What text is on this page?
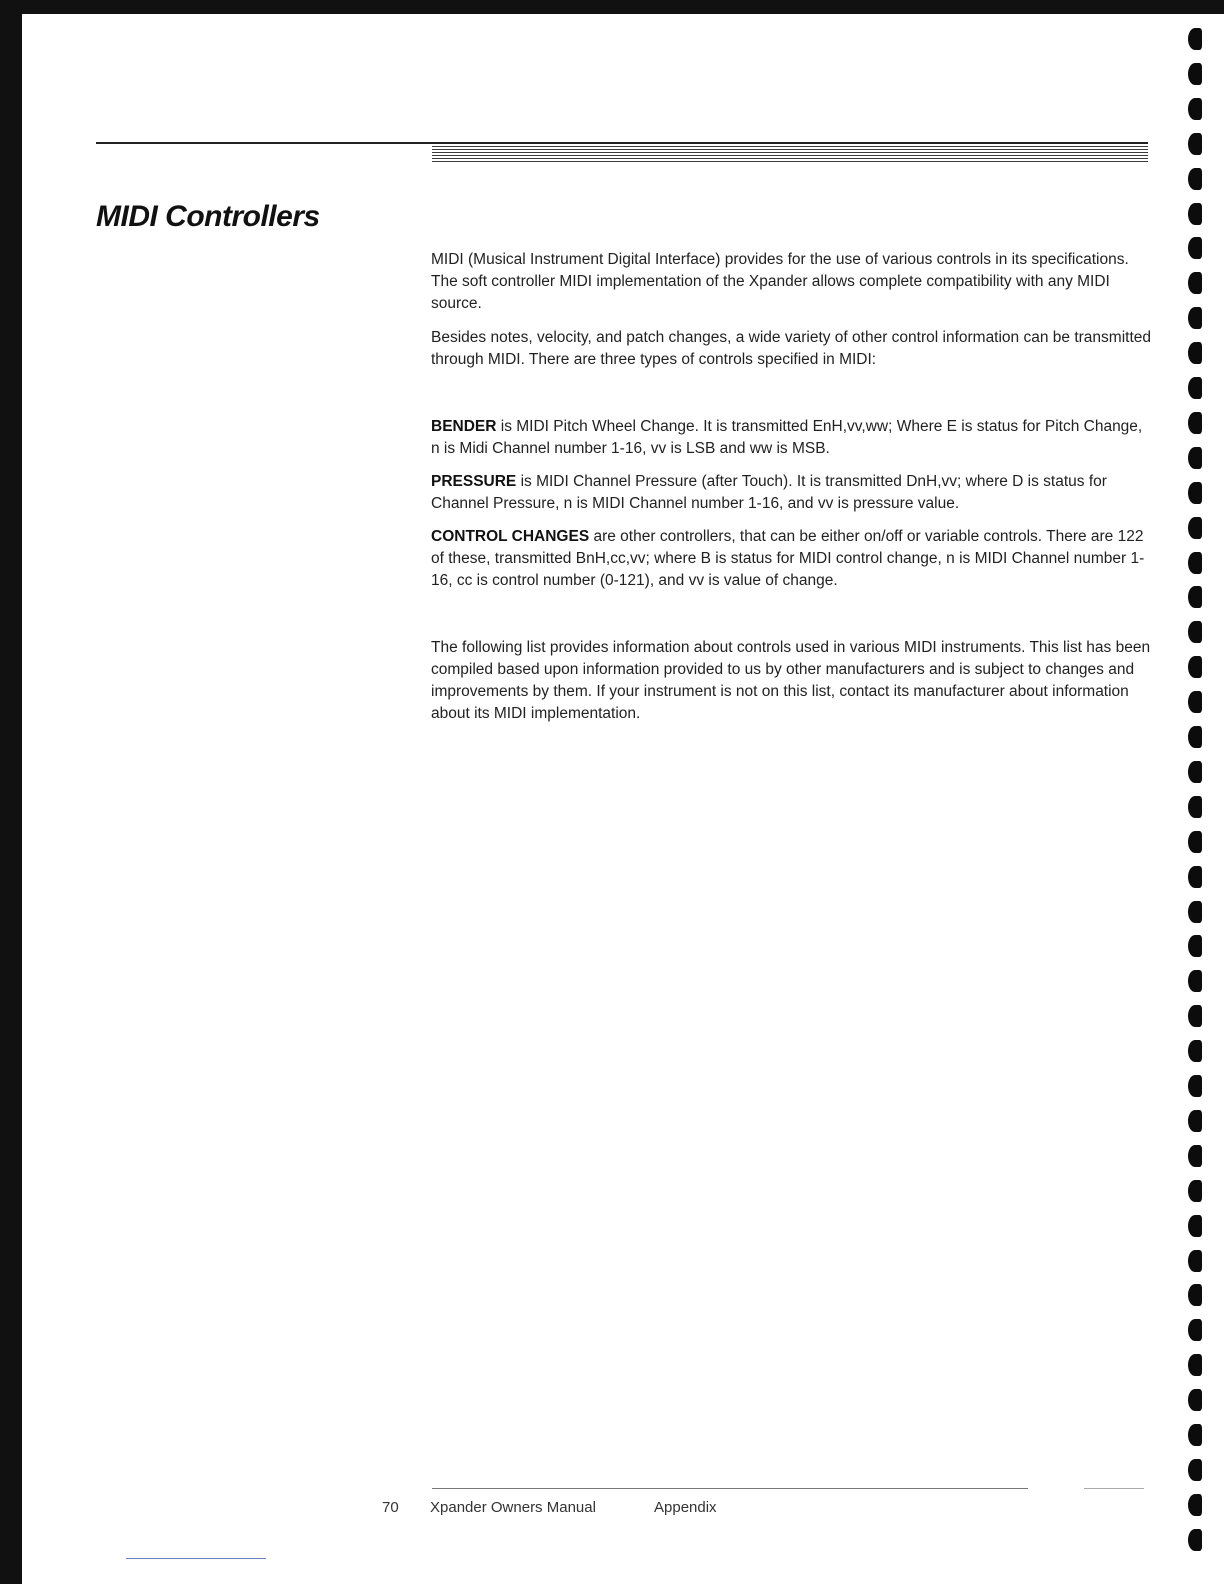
MIDI Controllers

MIDI (Musical Instrument Digital Interface) provides for the use of various controls in its specifications. The soft controller MIDI implementation of the Xpander allows complete compatibility with any MIDI source.

Besides notes, velocity, and patch changes, a wide variety of other control information can be transmitted through MIDI. There are three types of controls specified in MIDI:

BENDER is MIDI Pitch Wheel Change. It is transmitted EnH,vv,ww; Where E is status for Pitch Change, n is Midi Channel number 1-16, vv is LSB and ww is MSB.

PRESSURE is MIDI Channel Pressure (after Touch). It is transmitted DnH,vv; where D is status for Channel Pressure, n is MIDI Channel number 1-16, and vv is pressure value.

CONTROL CHANGES are other controllers, that can be either on/off or variable controls. There are 122 of these, transmitted BnH,cc,vv; where B is status for MIDI control change, n is MIDI Channel number 1-16, cc is control number (0-121), and vv is value of change.

The following list provides information about controls used in various MIDI instruments. This list has been compiled based upon information provided to us by other manufacturers and is subject to changes and improvements by them. If your instrument is not on this list, contact its manufacturer about information about its MIDI implementation.

70 Xpander Owners Manual	Appendix
